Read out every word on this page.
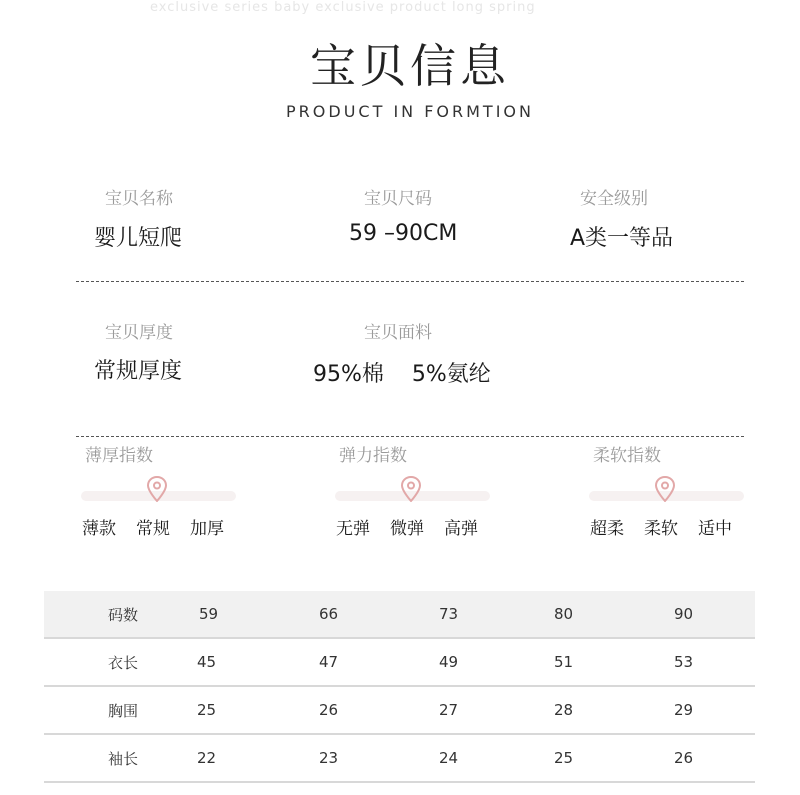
exclusive series baby exclusive product long spring
宝贝信息
PRODUCT IN FORMTION
宝贝名称
婴儿短爬
宝贝尺码
59 –90CM
安全级别
A类一等品
宝贝厚度
常规厚度
宝贝面料
95%棉    5%氨纶
薄厚指数
薄款 常规 加厚
弹力指数
无弹 微弹 高弹
柔软指数
超柔 柔软 适中
码数	59	66	73	80	90
衣长	45	47	49	51	53
胸围	25	26	27	28	29
袖长	22	23	24	25	26
